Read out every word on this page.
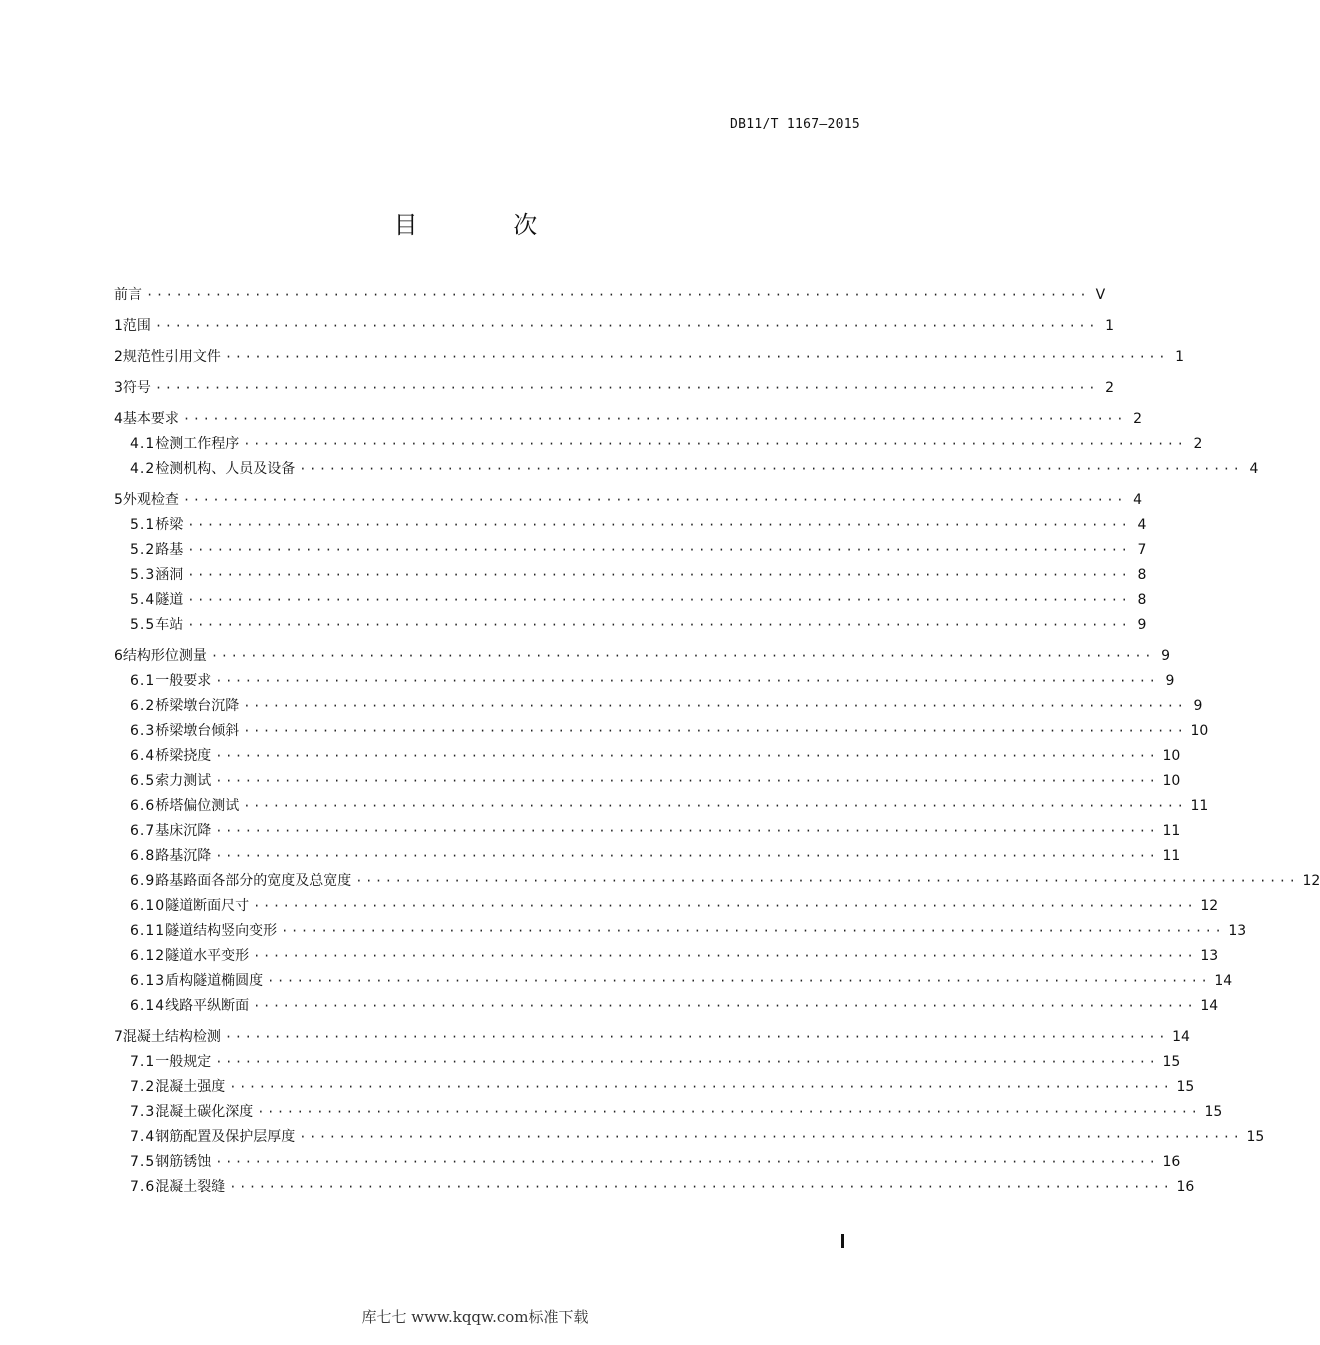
DB11/T 1167—2015
目 次
前言 ································································································ V
1 范围 ································································································ 1
2 规范性引用文件 ································································································ 1
3 符号 ································································································ 2
4 基本要求 ································································································ 2
4.1 检测工作程序 ································································································ 2
4.2 检测机构、人员及设备 ································································································ 4
5 外观检查 ································································································ 4
5.1 桥梁 ································································································ 4
5.2 路基 ································································································ 7
5.3 涵洞 ································································································ 8
5.4 隧道 ································································································ 8
5.5 车站 ································································································ 9
6 结构形位测量 ································································································ 9
6.1 一般要求 ································································································ 9
6.2 桥梁墩台沉降 ································································································ 9
6.3 桥梁墩台倾斜 ································································································ 10
6.4 桥梁挠度 ································································································ 10
6.5 索力测试 ································································································ 10
6.6 桥塔偏位测试 ································································································ 11
6.7 基床沉降 ································································································ 11
6.8 路基沉降 ································································································ 11
6.9 路基路面各部分的宽度及总宽度 ································································································ 12
6.10 隧道断面尺寸 ································································································ 12
6.11 隧道结构竖向变形 ································································································ 13
6.12 隧道水平变形 ································································································ 13
6.13 盾构隧道椭圆度 ································································································ 14
6.14 线路平纵断面 ································································································ 14
7 混凝土结构检测 ································································································ 14
7.1 一般规定 ································································································ 15
7.2 混凝土强度 ································································································ 15
7.3 混凝土碳化深度 ································································································ 15
7.4 钢筋配置及保护层厚度 ································································································ 15
7.5 钢筋锈蚀 ································································································ 16
7.6 混凝土裂缝 ································································································ 16
库七七 www.kqqw.com标准下载
